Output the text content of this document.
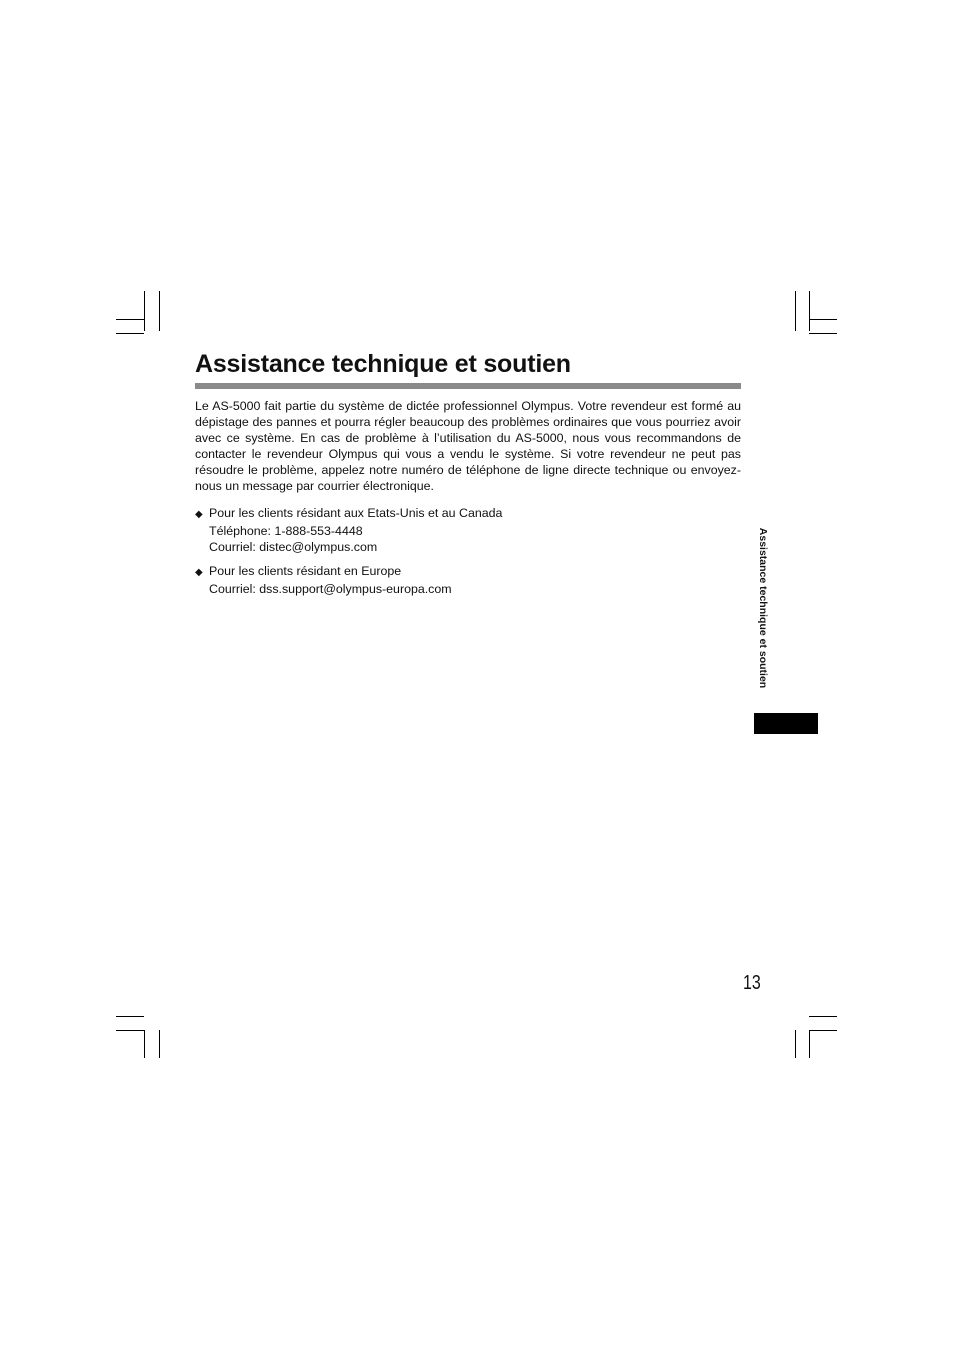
Assistance technique et soutien

Le AS-5000 fait partie du système de dictée professionnel Olympus. Votre revendeur est formé au dépistage des pannes et pourra régler beaucoup des problèmes ordinaires que vous pourriez avoir avec ce système. En cas de problème à l’utilisation du AS-5000, nous vous recommandons de contacter le revendeur Olympus qui vous a vendu le système. Si votre revendeur ne peut pas résoudre le problème, appelez notre numéro de téléphone de ligne directe technique ou envoyez-nous un message par courrier électronique.

◆ Pour les clients résidant aux Etats-Unis et au Canada
Téléphone: 1-888-553-4448
Courriel: distec@olympus.com
◆ Pour les clients résidant en Europe
Courriel: dss.support@olympus-europa.com	Assistance technique et soutien
13
